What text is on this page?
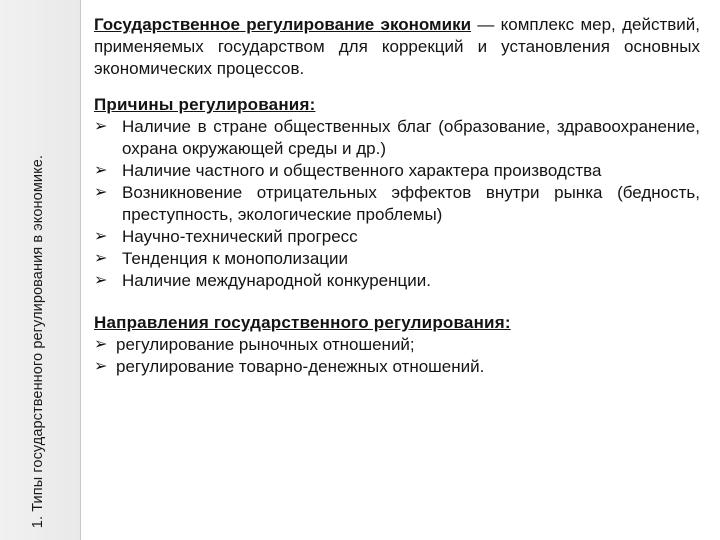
1. Типы государственного регулирования в экономике.

Государственное регулирование экономики — комплекс мер, действий, применяемых государством для коррекций и установления основных экономических процессов.

Причины регулирования:
➢ Наличие в стране общественных благ (образование, здравоохранение, охрана окружающей среды и др.)
➢ Наличие частного и общественного характера производства
➢ Возникновение отрицательных эффектов внутри рынка (бедность, преступность, экологические проблемы)
➢ Научно-технический прогресс
➢ Тенденция к монополизации
➢ Наличие международной конкуренции.
Направления государственного регулирования:
➢ регулирование рыночных отношений;
➢ регулирование товарно-денежных отношений.
